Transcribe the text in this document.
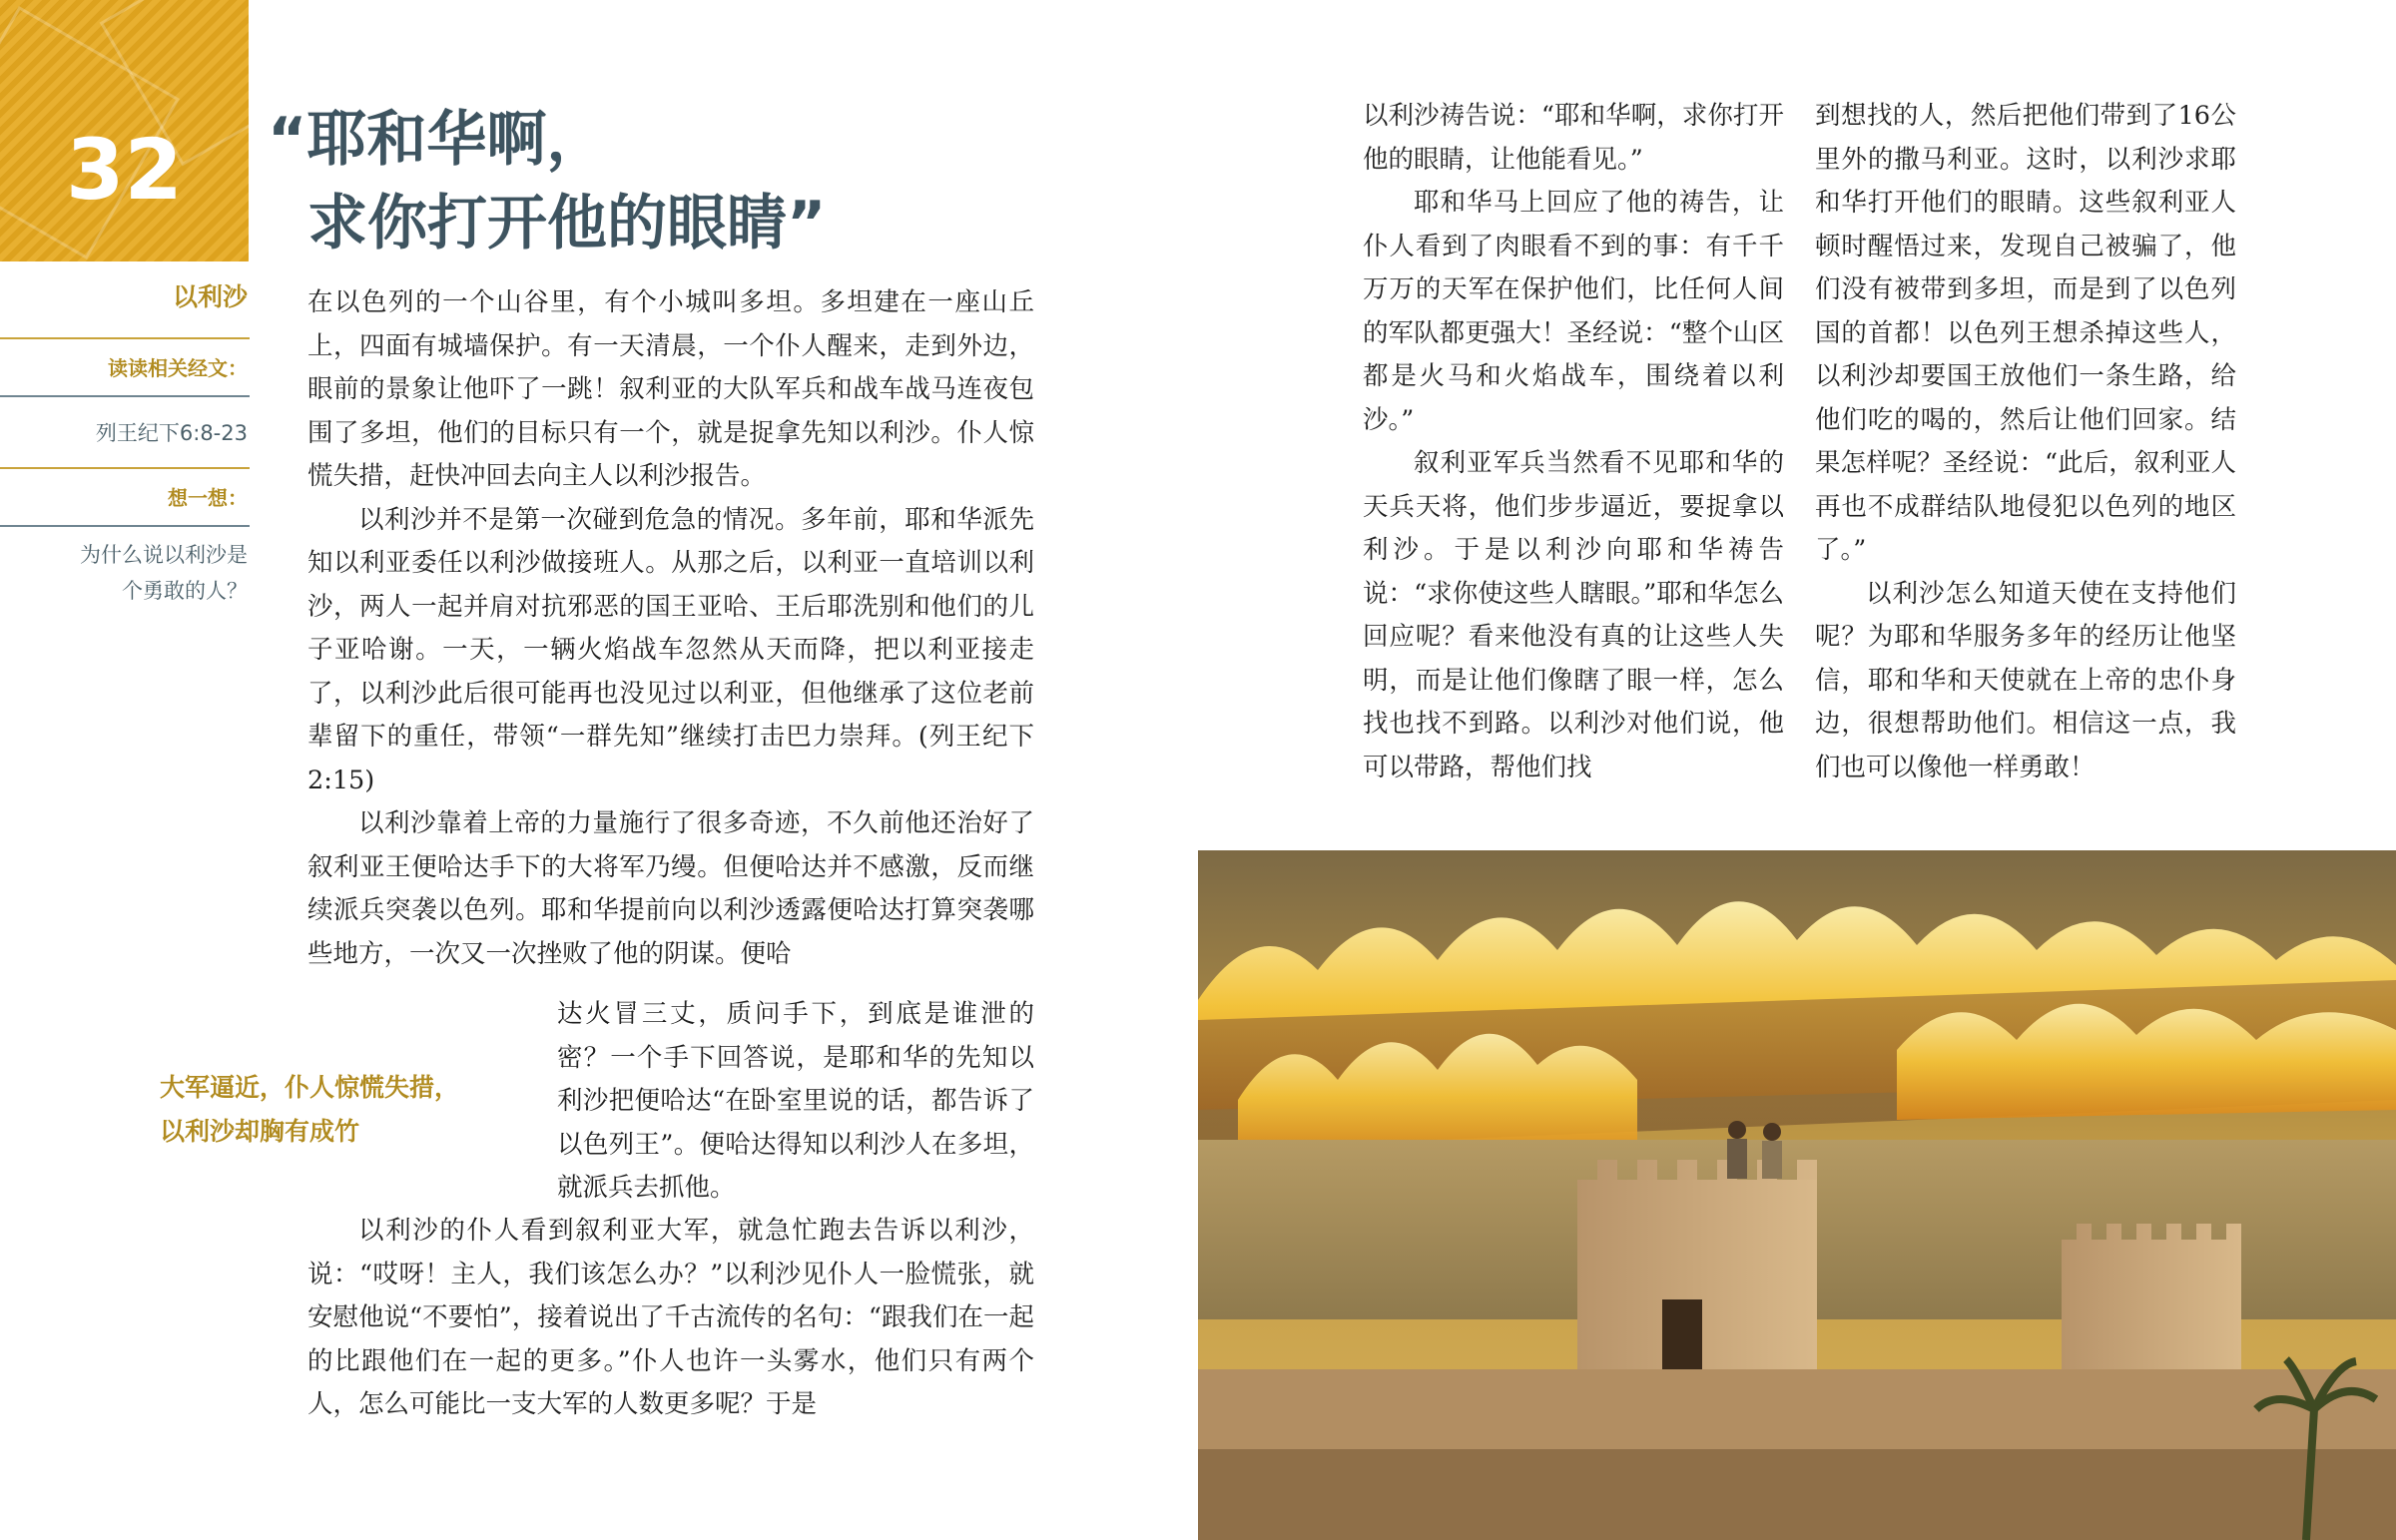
32	“耶和华啊，
求你打开他的眼睛”
以利沙
读读相关经文：
列王纪下6:8-23
想一想：
为什么说以利沙是个勇敢的人？
大军逼近，仆人惊慌失措，
以利沙却胸有成竹

在以色列的一个山谷里，有个小城叫多坦。多坦建在一座山丘上，四面有城墙保护。有一天清晨，一个仆人醒来，走到外边，眼前的景象让他吓了一跳！叙利亚的大队军兵和战车战马连夜包围了多坦，他们的目标只有一个，就是捉拿先知以利沙。仆人惊慌失措，赶快冲回去向主人以利沙报告。

以利沙并不是第一次碰到危急的情况。多年前，耶和华派先知以利亚委任以利沙做接班人。从那之后，以利亚一直培训以利沙，两人一起并肩对抗邪恶的国王亚哈、王后耶洗别和他们的儿子亚哈谢。一天，一辆火焰战车忽然从天而降，把以利亚接走了，以利沙此后很可能再也没见过以利亚，但他继承了这位老前辈留下的重任，带领“一群先知”继续打击巴力崇拜。(列王纪下2:15)

以利沙靠着上帝的力量施行了很多奇迹，不久前他还治好了叙利亚王便哈达手下的大将军乃缦。但便哈达并不感激，反而继续派兵突袭以色列。耶和华提前向以利沙透露便哈达打算突袭哪些地方，一次又一次挫败了他的阴谋。便哈

达火冒三丈，质问手下，到底是谁泄的密？一个手下回答说，是耶和华的先知以利沙把便哈达“在卧室里说的话，都告诉了以色列王”。便哈达得知以利沙人在多坦，就派兵去抓他。

以利沙的仆人看到叙利亚大军，就急忙跑去告诉以利沙，说：“哎呀！主人，我们该怎么办？”以利沙见仆人一脸慌张，就安慰他说“不要怕”，接着说出了千古流传的名句：“跟我们在一起的比跟他们在一起的更多。”仆人也许一头雾水，他们只有两个人，怎么可能比一支大军的人数更多呢？于是

以利沙祷告说：“耶和华啊，求你打开他的眼睛，让他能看见。”

耶和华马上回应了他的祷告，让仆人看到了肉眼看不到的事：有千千万万的天军在保护他们，比任何人间的军队都更强大！圣经说：“整个山区都是火马和火焰战车，围绕着以利沙。”

叙利亚军兵当然看不见耶和华的天兵天将，他们步步逼近，要捉拿以利沙。于是以利沙向耶和华祷告说：“求你使这些人瞎眼。”耶和华怎么回应呢？看来他没有真的让这些人失明，而是让他们像瞎了眼一样，怎么找也找不到路。以利沙对他们说，他可以带路，帮他们找

到想找的人，然后把他们带到了16公里外的撒马利亚。这时，以利沙求耶和华打开他们的眼睛。这些叙利亚人顿时醒悟过来，发现自己被骗了，他们没有被带到多坦，而是到了以色列国的首都！以色列王想杀掉这些人，以利沙却要国王放他们一条生路，给他们吃的喝的，然后让他们回家。结果怎样呢？圣经说：“此后，叙利亚人再也不成群结队地侵犯以色列的地区了。”

以利沙怎么知道天使在支持他们呢？为耶和华服务多年的经历让他坚信，耶和华和天使就在上帝的忠仆身边，很想帮助他们。相信这一点，我们也可以像他一样勇敢！
